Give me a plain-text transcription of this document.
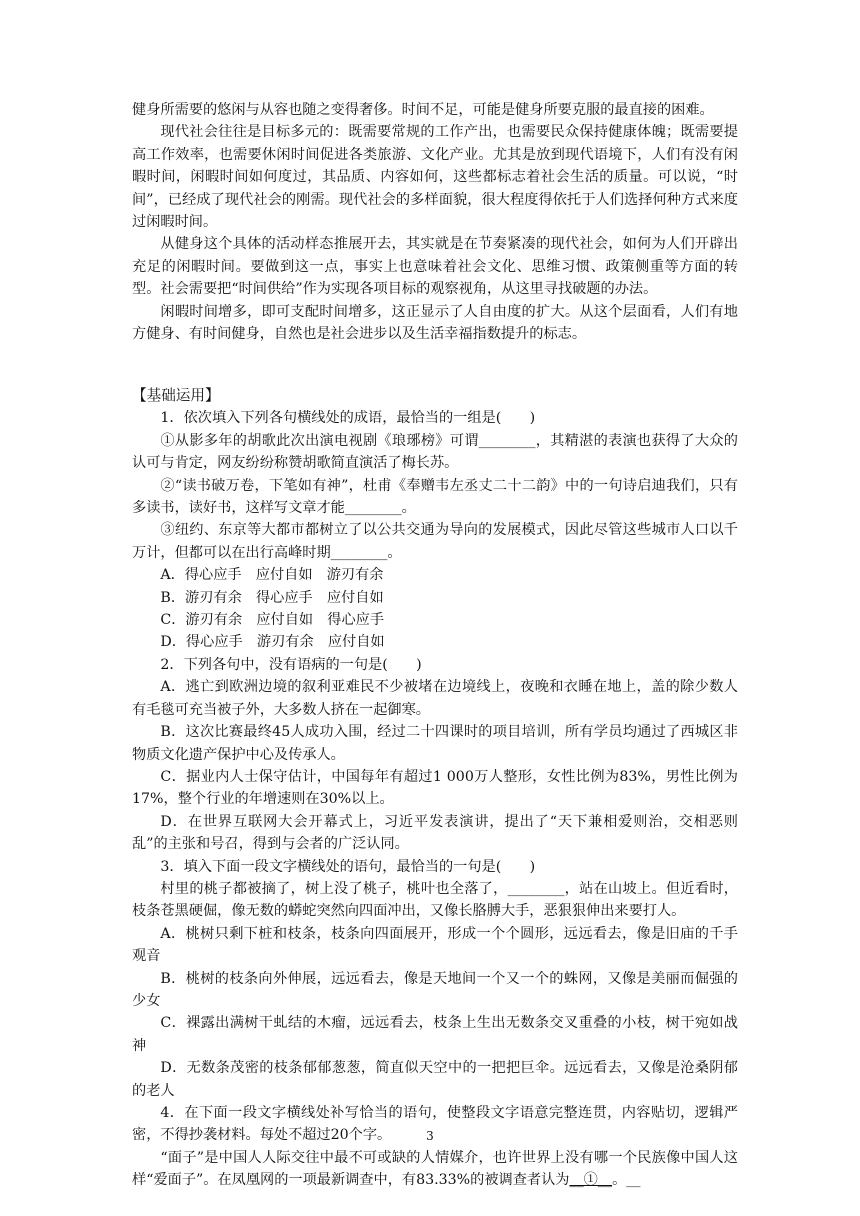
健身所需要的悠闲与从容也随之变得奢侈。时间不足，可能是健身所要克服的最直接的困难。

现代社会往往是目标多元的：既需要常规的工作产出，也需要民众保持健康体魄；既需要提高工作效率，也需要休闲时间促进各类旅游、文化产业。尤其是放到现代语境下，人们有没有闲暇时间，闲暇时间如何度过，其品质、内容如何，这些都标志着社会生活的质量。可以说，“时间”，已经成了现代社会的刚需。现代社会的多样面貌，很大程度得依托于人们选择何种方式来度过闲暇时间。

从健身这个具体的活动样态推展开去，其实就是在节奏紧凑的现代社会，如何为人们开辟出充足的闲暇时间。要做到这一点，事实上也意味着社会文化、思维习惯、政策侧重等方面的转型。社会需要把“时间供给”作为实现各项目标的观察视角，从这里寻找破题的办法。

闲暇时间增多，即可支配时间增多，这正显示了人自由度的扩大。从这个层面看，人们有地方健身、有时间健身，自然也是社会进步以及生活幸福指数提升的标志。

【基础运用】

1．依次填入下列各句横线处的成语，最恰当的一组是(　　)

①从影多年的胡歌此次出演电视剧《琅琊榜》可谓________，其精湛的表演也获得了大众的认可与肯定，网友纷纷称赞胡歌简直演活了梅长苏。

②“读书破万卷，下笔如有神”，杜甫《奉赠韦左丞丈二十二韵》中的一句诗启迪我们，只有多读书，读好书，这样写文章才能________。

③纽约、东京等大都市都树立了以公共交通为导向的发展模式，因此尽管这些城市人口以千万计，但都可以在出行高峰时期________。

A．得心应手　应付自如　游刃有余

B．游刃有余　得心应手　应付自如

C．游刃有余　应付自如　得心应手

D．得心应手　游刃有余　应付自如

2．下列各句中，没有语病的一句是(　　)

A．逃亡到欧洲边境的叙利亚难民不少被堵在边境线上，夜晚和衣睡在地上，盖的除少数人有毛毯可充当被子外，大多数人挤在一起御寒。

B．这次比赛最终45人成功入围，经过二十四课时的项目培训，所有学员均通过了西城区非物质文化遗产保护中心及传承人。

C．据业内人士保守估计，中国每年有超过1 000万人整形，女性比例为83%，男性比例为17%，整个行业的年增速则在30%以上。

D．在世界互联网大会开幕式上，习近平发表演讲，提出了“天下兼相爱则治，交相恶则乱”的主张和号召，得到与会者的广泛认同。

3．填入下面一段文字横线处的语句，最恰当的一句是(　　)

村里的桃子都被摘了，树上没了桃子，桃叶也全落了，________，站在山坡上。但近看时，枝条苍黑硬倔，像无数的蟒蛇突然向四面冲出，又像长胳膊大手，恶狠狠伸出来要打人。

A．桃树只剩下桩和枝条，枝条向四面展开，形成一个个圆形，远远看去，像是旧庙的千手观音

B．桃树的枝条向外伸展，远远看去，像是天地间一个又一个的蛛网，又像是美丽而倔强的少女

C．裸露出满树干虬结的木瘤，远远看去，枝条上生出无数条交叉重叠的小枝，树干宛如战神

D．无数条茂密的枝条郁郁葱葱，简直似天空中的一把把巨伞。远远看去，又像是沧桑阴郁的老人

4．在下面一段文字横线处补写恰当的语句，使整段文字语意完整连贯，内容贴切，逻辑严密，不得抄袭材料。每处不超过20个字。

“面子”是中国人人际交往中最不可或缺的人情媒介，也许世界上没有哪一个民族像中国人这样“爱面子”。在凤凰网的一项最新调查中，有83.33%的被调查者认为__①__。__

3
